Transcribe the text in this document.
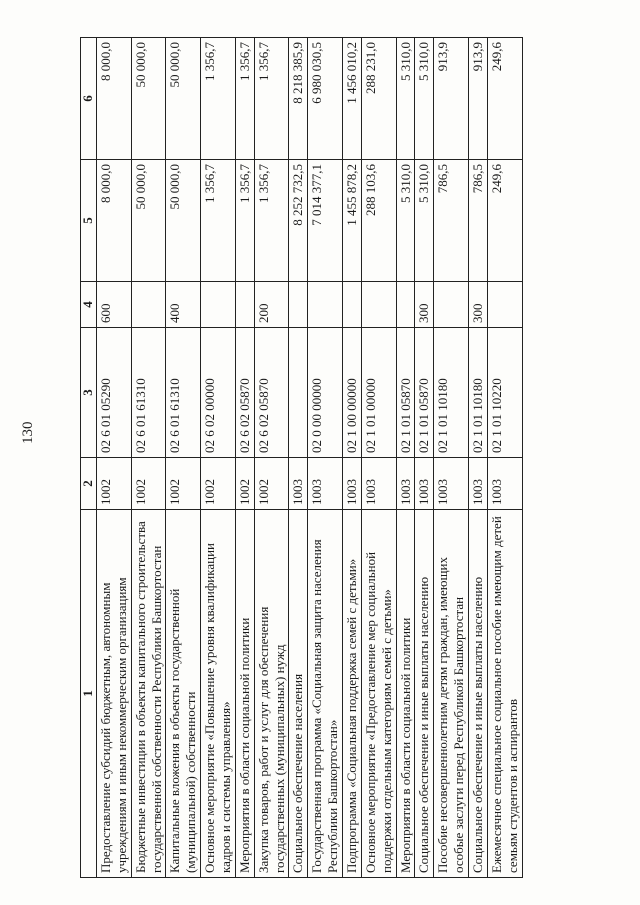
130
1	2	3	4	5	6
Предоставление субсидий бюджетным, автономным учреждениям и иным некоммерческим организациям	1002	02 6 01 05290	600	8 000,0	8 000,0
Бюджетные инвестиции в объекты капитального строительства государственной собственности Республики Башкортостан	1002	02 6 01 61310		50 000,0	50 000,0
Капитальные вложения в объекты государственной (муниципальной) собственности	1002	02 6 01 61310	400	50 000,0	50 000,0
Основное мероприятие «Повышение уровня квалификации кадров и системы управления»	1002	02 6 02 00000		1 356,7	1 356,7
Мероприятия в области социальной политики	1002	02 6 02 05870		1 356,7	1 356,7
Закупка товаров, работ и услуг для обеспечения государственных (муниципальных) нужд	1002	02 6 02 05870	200	1 356,7	1 356,7
Социальное обеспечение населения	1003			8 252 732,5	8 218 385,9
Государственная программа «Социальная защита населения Республики Башкортостан»	1003	02 0 00 00000		7 014 377,1	6 980 030,5
Подпрограмма «Социальная поддержка семей с детьми»	1003	02 1 00 00000		1 455 878,2	1 456 010,2
Основное мероприятие «Предоставление мер социальной поддержки отдельным категориям семей с детьми»	1003	02 1 01 00000		288 103,6	288 231,0
Мероприятия в области социальной политики	1003	02 1 01 05870		5 310,0	5 310,0
Социальное обеспечение и иные выплаты населению	1003	02 1 01 05870	300	5 310,0	5 310,0
Пособие несовершеннолетним детям граждан, имеющих особые заслуги перед Республикой Башкортостан	1003	02 1 01 10180		786,5	913,9
Социальное обеспечение и иные выплаты населению	1003	02 1 01 10180	300	786,5	913,9
Ежемесячное специальное социальное пособие имеющим детей семьям студентов и аспирантов	1003	02 1 01 10220		249,6	249,6
